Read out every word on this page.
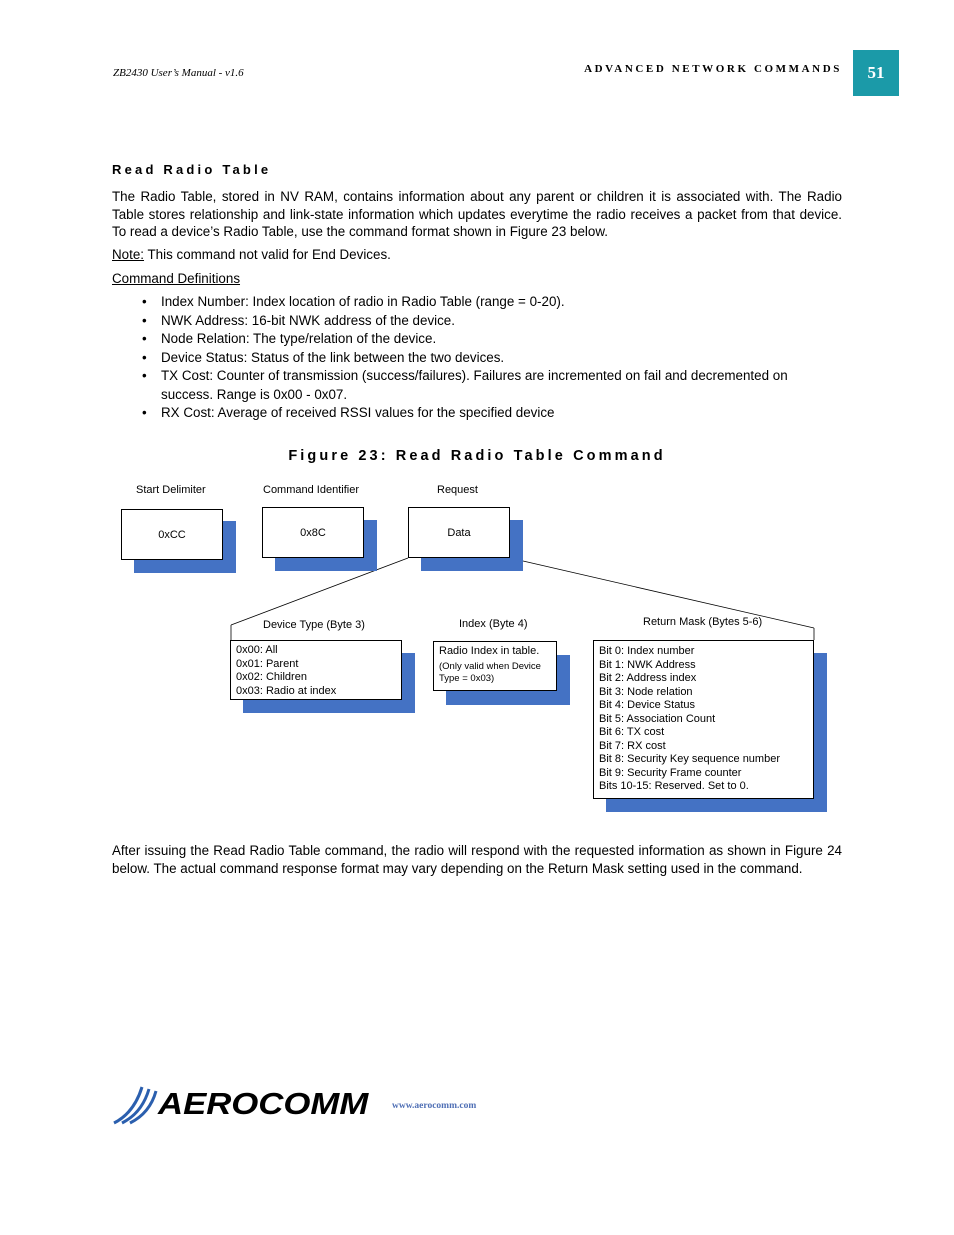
ZB2430 User’s Manual - v1.6	ADVANCED NETWORK COMMANDS	51
Read Radio Table
The Radio Table, stored in NV RAM, contains information about any parent or children it is associated with. The Radio Table stores relationship and link-state information which updates everytime the radio receives a packet from that device. To read a device’s Radio Table, use the command format shown in Figure 23 below.
Note: This command not valid for End Devices.
Command Definitions
• Index Number: Index location of radio in Radio Table (range = 0-20).
• NWK Address: 16-bit NWK address of the device.
• Node Relation: The type/relation of the device.
• Device Status: Status of the link between the two devices.
• TX Cost: Counter of transmission (success/failures). Failures are incremented on fail and decremented on success. Range is 0x00 - 0x07.
• RX Cost: Average of received RSSI values for the specified device
Figure 23: Read Radio Table Command
Start Delimiter	Command Identifier	Request
0xCC	0x8C	Data
Device Type (Byte 3)	Index (Byte 4)	Return Mask (Bytes 5-6)
0x00: All
0x01: Parent
0x02: Children
0x03: Radio at index
Radio Index in table.
(Only valid when Device Type = 0x03)
Bit 0: Index number
Bit 1: NWK Address
Bit 2: Address index
Bit 3: Node relation
Bit 4: Device Status
Bit 5: Association Count
Bit 6: TX cost
Bit 7: RX cost
Bit 8: Security Key sequence number
Bit 9: Security Frame counter
Bits 10-15: Reserved. Set to 0.
After issuing the Read Radio Table command, the radio will respond with the requested information as shown in Figure 24 below. The actual command response format may vary depending on the Return Mask setting used in the command.
AEROCOMM	www.aerocomm.com
